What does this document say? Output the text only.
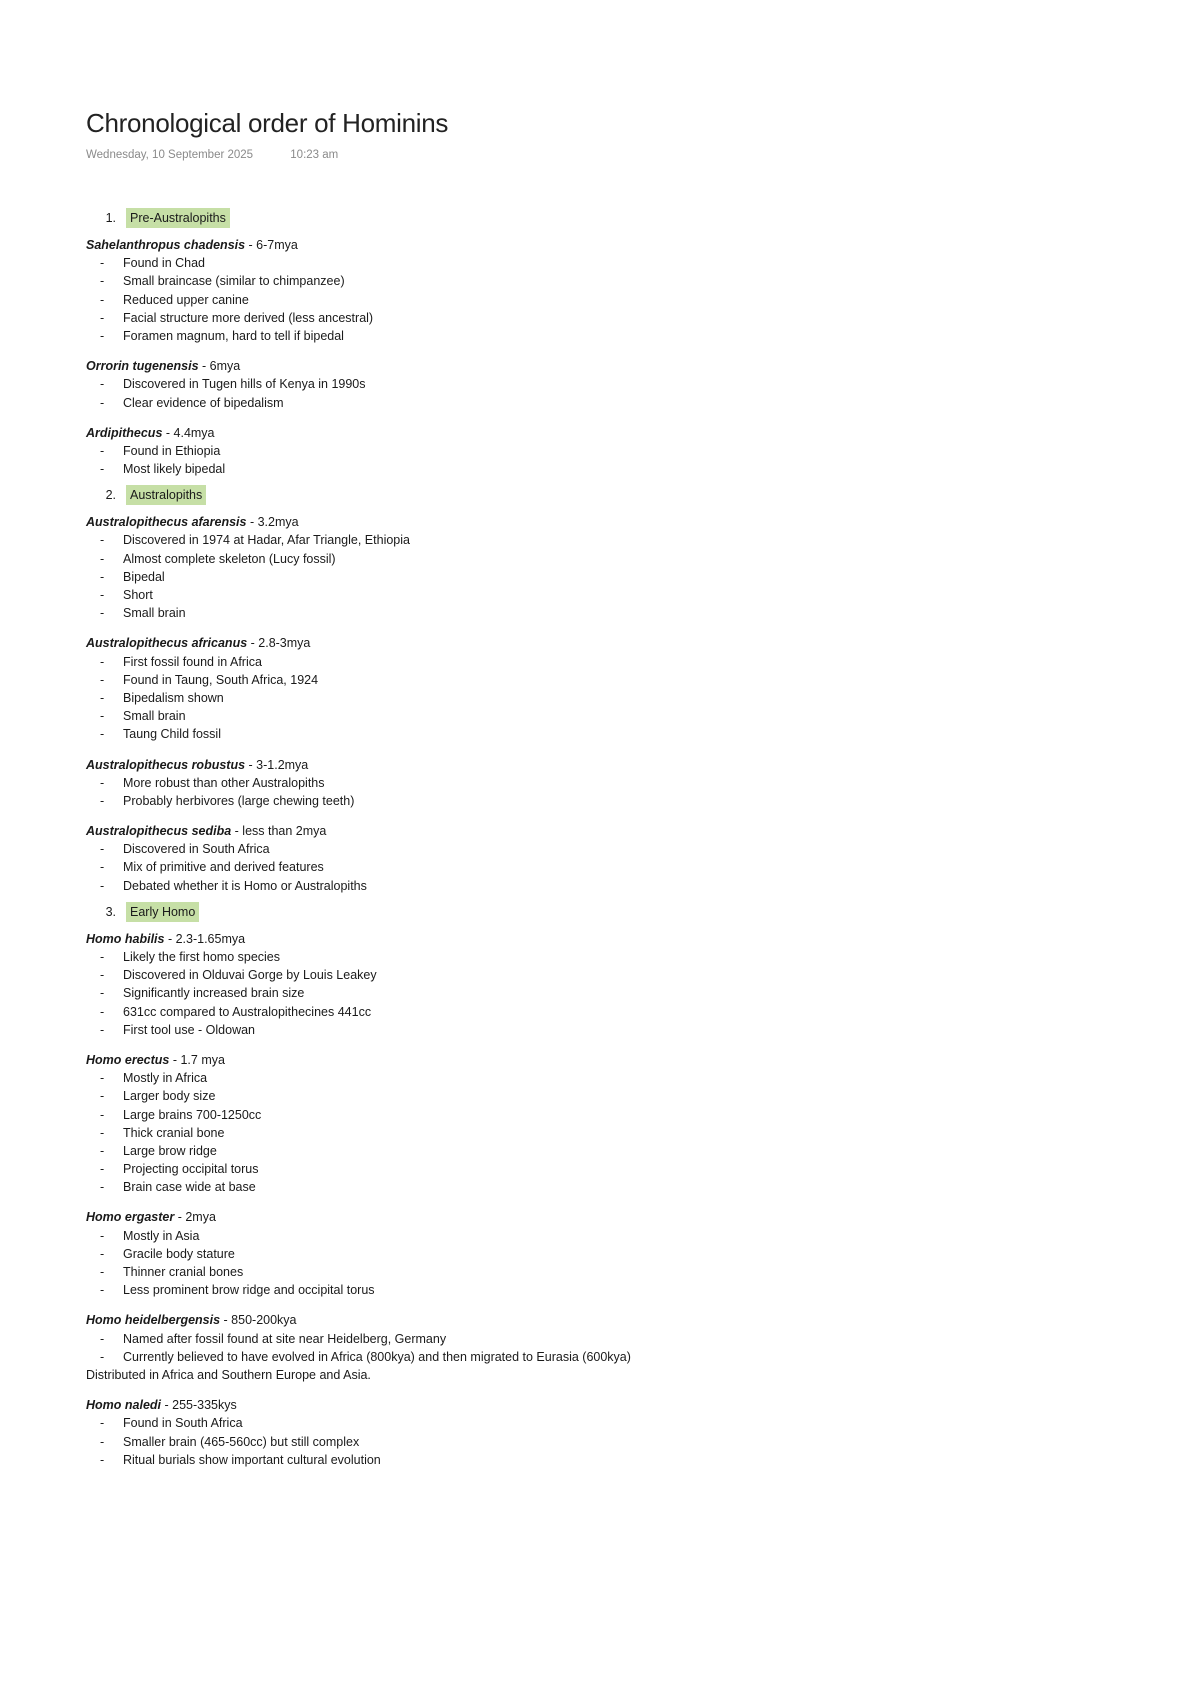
Chronological order of Hominins
Wednesday, 10 September 2025	10:23 am
1.	Pre-Australopiths
Sahelanthropus chadensis - 6-7mya
- Found in Chad
- Small braincase (similar to chimpanzee)
- Reduced upper canine
- Facial structure more derived (less ancestral)
- Foramen magnum, hard to tell if bipedal
Orrorin tugenensis - 6mya
- Discovered in Tugen hills of Kenya in 1990s
- Clear evidence of bipedalism
Ardipithecus - 4.4mya
- Found in Ethiopia
- Most likely bipedal
2.	Australopiths
Australopithecus afarensis - 3.2mya
- Discovered in 1974 at Hadar, Afar Triangle, Ethiopia
- Almost complete skeleton (Lucy fossil)
- Bipedal
- Short
- Small brain
Australopithecus africanus - 2.8-3mya
- First fossil found in Africa
- Found in Taung, South Africa, 1924
- Bipedalism shown
- Small brain
- Taung Child fossil
Australopithecus robustus - 3-1.2mya
- More robust than other Australopiths
- Probably herbivores (large chewing teeth)
Australopithecus sediba - less than 2mya
- Discovered in South Africa
- Mix of primitive and derived features
- Debated whether it is Homo or Australopiths
3.	Early Homo
Homo habilis - 2.3-1.65mya
- Likely the first homo species
- Discovered in Olduvai Gorge by Louis Leakey
- Significantly increased brain size
- 631cc compared to Australopithecines 441cc
- First tool use - Oldowan
Homo erectus - 1.7 mya
- Mostly in Africa
- Larger body size
- Large brains 700-1250cc
- Thick cranial bone
- Large brow ridge
- Projecting occipital torus
- Brain case wide at base
Homo ergaster - 2mya
- Mostly in Asia
- Gracile body stature
- Thinner cranial bones
- Less prominent brow ridge and occipital torus
Homo heidelbergensis - 850-200kya
- Named after fossil found at site near Heidelberg, Germany
- Currently believed to have evolved in Africa (800kya) and then migrated to Eurasia (600kya)
Distributed in Africa and Southern Europe and Asia.
Homo naledi - 255-335kys
- Found in South Africa
- Smaller brain (465-560cc) but still complex
- Ritual burials show important cultural evolution
